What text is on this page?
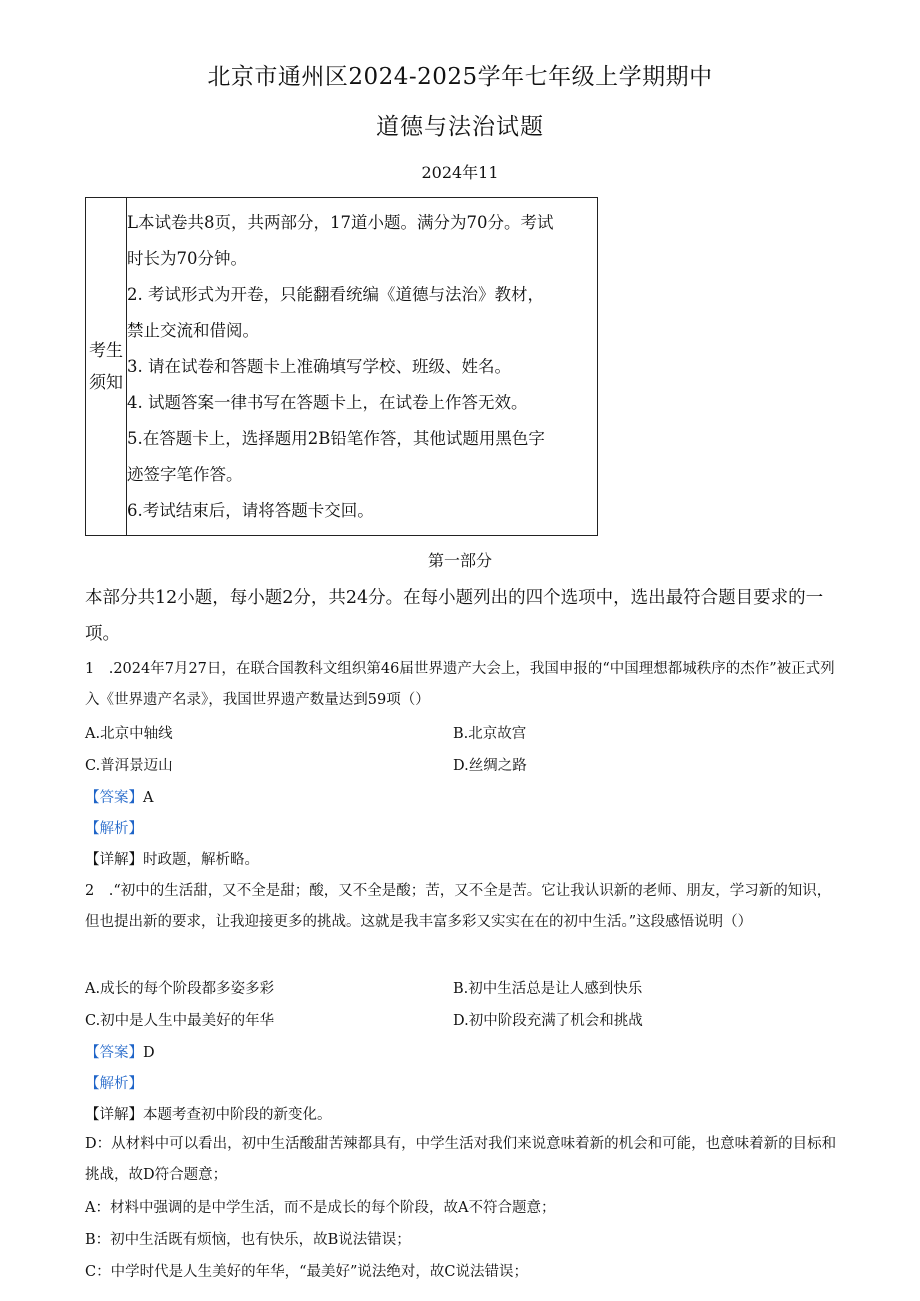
北京市通州区2024-2025学年七年级上学期期中
道德与法治试题
2024年11
考生
须知

L本试卷共8页，共两部分，17道小题。满分为70分。考试
时长为70分钟。
2. 考试形式为开卷，只能翻看统编《道德与法治》教材，
禁止交流和借阅。
3. 请在试卷和答题卡上准确填写学校、班级、姓名。
4. 试题答案一律书写在答题卡上，在试卷上作答无效。
5.在答题卡上，选择题用2B铅笔作答，其他试题用黑色字
迹签字笔作答。
6.考试结束后，请将答题卡交回。
第一部分
本部分共12小题，每小题2分，共24分。在每小题列出的四个选项中，选出最符合题目要求的一项。
1　.2024年7月27日，在联合国教科文组织第46届世界遗产大会上，我国申报的“中国理想都城秩序的杰作”被正式列入《世界遗产名录》，我国世界遗产数量达到59项（）
A.北京中轴线	B.北京故宫
C.普洱景迈山	D.丝绸之路
【答案】A
【解析】
【详解】时政题，解析略。
2　.“初中的生活甜，又不全是甜；酸，又不全是酸；苦，又不全是苦。它让我认识新的老师、朋友，学习新的知识，但也提出新的要求，让我迎接更多的挑战。这就是我丰富多彩又实实在在的初中生活。”这段感悟说明（）
A.成长的每个阶段都多姿多彩	B.初中生活总是让人感到快乐
C.初中是人生中最美好的年华	D.初中阶段充满了机会和挑战
【答案】D
【解析】
【详解】本题考查初中阶段的新变化。
D：从材料中可以看出，初中生活酸甜苦辣都具有，中学生活对我们来说意味着新的机会和可能，也意味着新的目标和挑战，故D符合题意；
A：材料中强调的是中学生活，而不是成长的每个阶段，故A不符合题意；
B：初中生活既有烦恼，也有快乐，故B说法错误；
C：中学时代是人生美好的年华，“最美好”说法绝对，故C说法错误；
